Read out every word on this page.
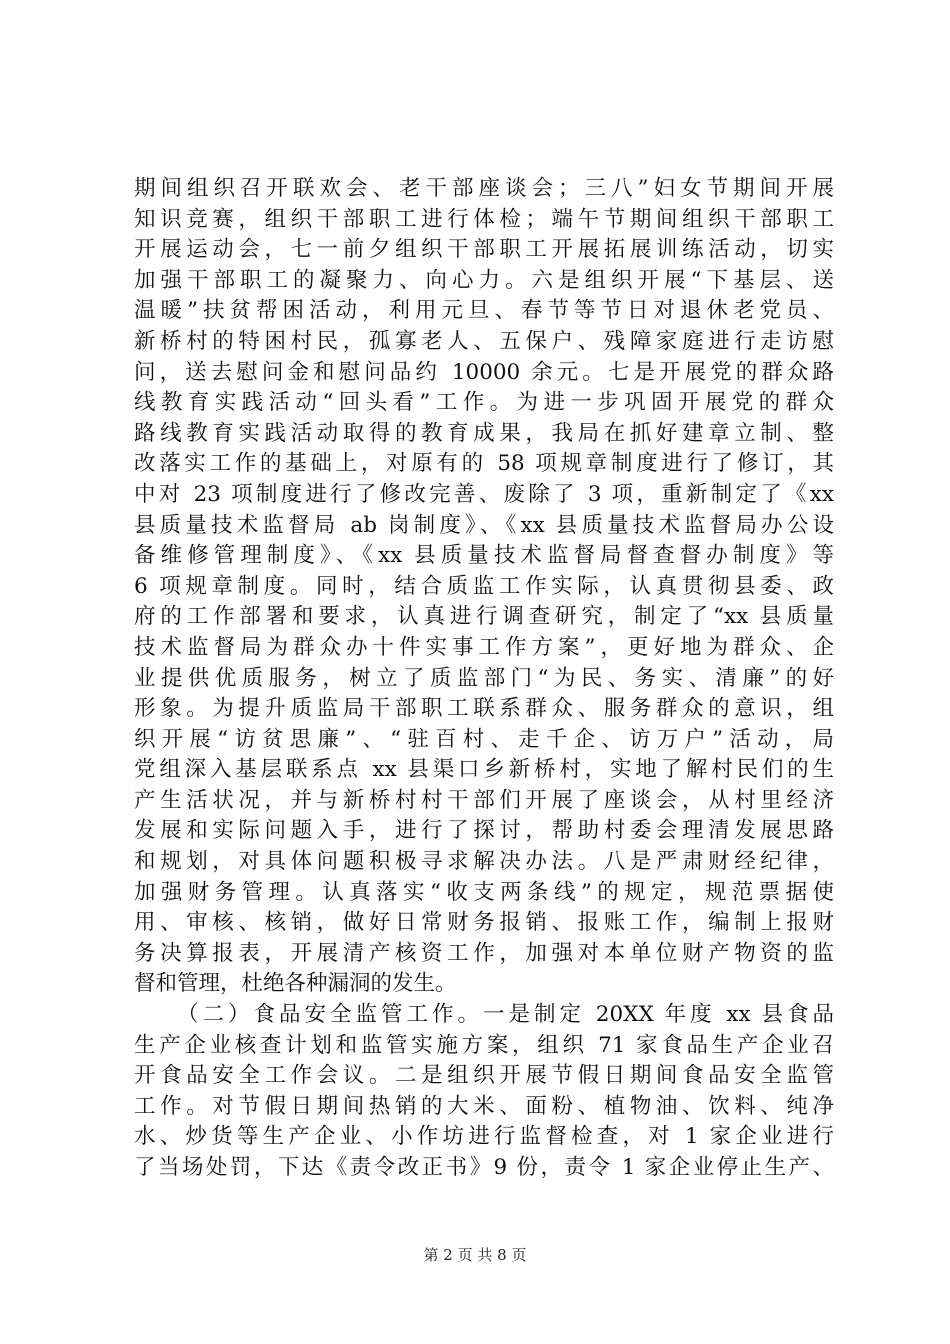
期间组织召开联欢会、老干部座谈会；三八”妇女节期间开展
知识竞赛，组织干部职工进行体检；端午节期间组织干部职工
开展运动会，七一前夕组织干部职工开展拓展训练活动，切实
加强干部职工的凝聚力、向心力。六是组织开展“下基层、送
温暖”扶贫帮困活动，利用元旦、春节等节日对退休老党员、
新桥村的特困村民，孤寡老人、五保户、残障家庭进行走访慰
问，送去慰问金和慰问品约 10000 余元。七是开展党的群众路
线教育实践活动“回头看”工作。为进一步巩固开展党的群众
路线教育实践活动取得的教育成果，我局在抓好建章立制、整
改落实工作的基础上，对原有的 58 项规章制度进行了修订，其
中对 23 项制度进行了修改完善、废除了 3 项，重新制定了《xx
县质量技术监督局 ab 岗制度》、《xx 县质量技术监督局办公设
备维修管理制度》、《xx 县质量技术监督局督查督办制度》等
6 项规章制度。同时，结合质监工作实际，认真贯彻县委、政
府的工作部署和要求，认真进行调查研究，制定了“xx 县质量
技术监督局为群众办十件实事工作方案”，更好地为群众、企
业提供优质服务，树立了质监部门“为民、务实、清廉”的好
形象。为提升质监局干部职工联系群众、服务群众的意识，组
织开展“访贫思廉”、“驻百村、走千企、访万户”活动，局
党组深入基层联系点 xx 县渠口乡新桥村，实地了解村民们的生
产生活状况，并与新桥村村干部们开展了座谈会，从村里经济
发展和实际问题入手，进行了探讨，帮助村委会理清发展思路
和规划，对具体问题积极寻求解决办法。八是严肃财经纪律，
加强财务管理。认真落实“收支两条线”的规定，规范票据使
用、审核、核销，做好日常财务报销、报账工作，编制上报财
务决算报表，开展清产核资工作，加强对本单位财产物资的监
督和管理，杜绝各种漏洞的发生。
（二）食品安全监管工作。一是制定 20XX 年度 xx 县食品
生产企业核查计划和监管实施方案，组织 71 家食品生产企业召
开食品安全工作会议。二是组织开展节假日期间食品安全监管
工作。对节假日期间热销的大米、面粉、植物油、饮料、纯净
水、炒货等生产企业、小作坊进行监督检查，对 1 家企业进行
了当场处罚，下达《责令改正书》9 份，责令 1 家企业停止生产、
第 2 页 共 8 页
